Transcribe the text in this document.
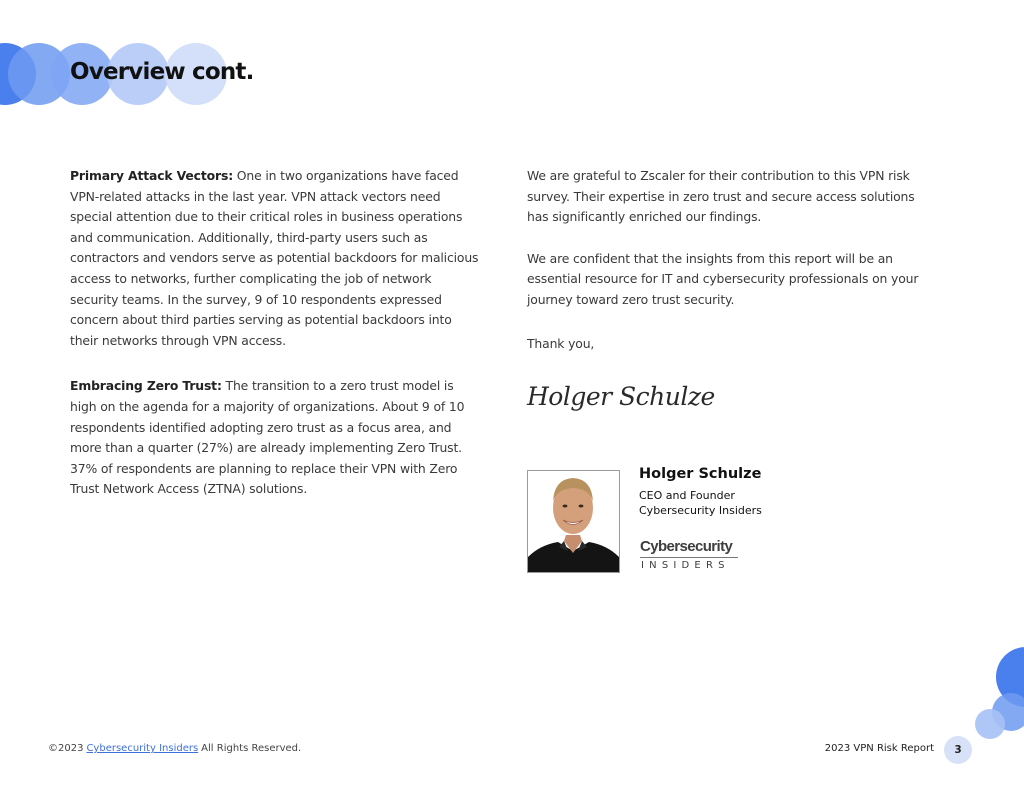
Overview cont.

Primary Attack Vectors: One in two organizations have faced VPN-related attacks in the last year. VPN attack vectors need special attention due to their critical roles in business operations and communication. Additionally, third-party users such as contractors and vendors serve as potential backdoors for malicious access to networks, further complicating the job of network security teams. In the survey, 9 of 10 respondents expressed concern about third parties serving as potential backdoors into their networks through VPN access.

Embracing Zero Trust: The transition to a zero trust model is high on the agenda for a majority of organizations. About 9 of 10 respondents identified adopting zero trust as a focus area, and more than a quarter (27%) are already implementing Zero Trust. 37% of respondents are planning to replace their VPN with Zero Trust Network Access (ZTNA) solutions.

We are grateful to Zscaler for their contribution to this VPN risk survey. Their expertise in zero trust and secure access solutions has significantly enriched our findings.

We are confident that the insights from this report will be an essential resource for IT and cybersecurity professionals on your journey toward zero trust security.

Thank you,

Holger Schulze
Holger Schulze
CEO and Founder
Cybersecurity Insiders
Cybersecurity
INSIDERS
©2023 Cybersecurity Insiders All Rights Reserved.	2023 VPN Risk Report	3
